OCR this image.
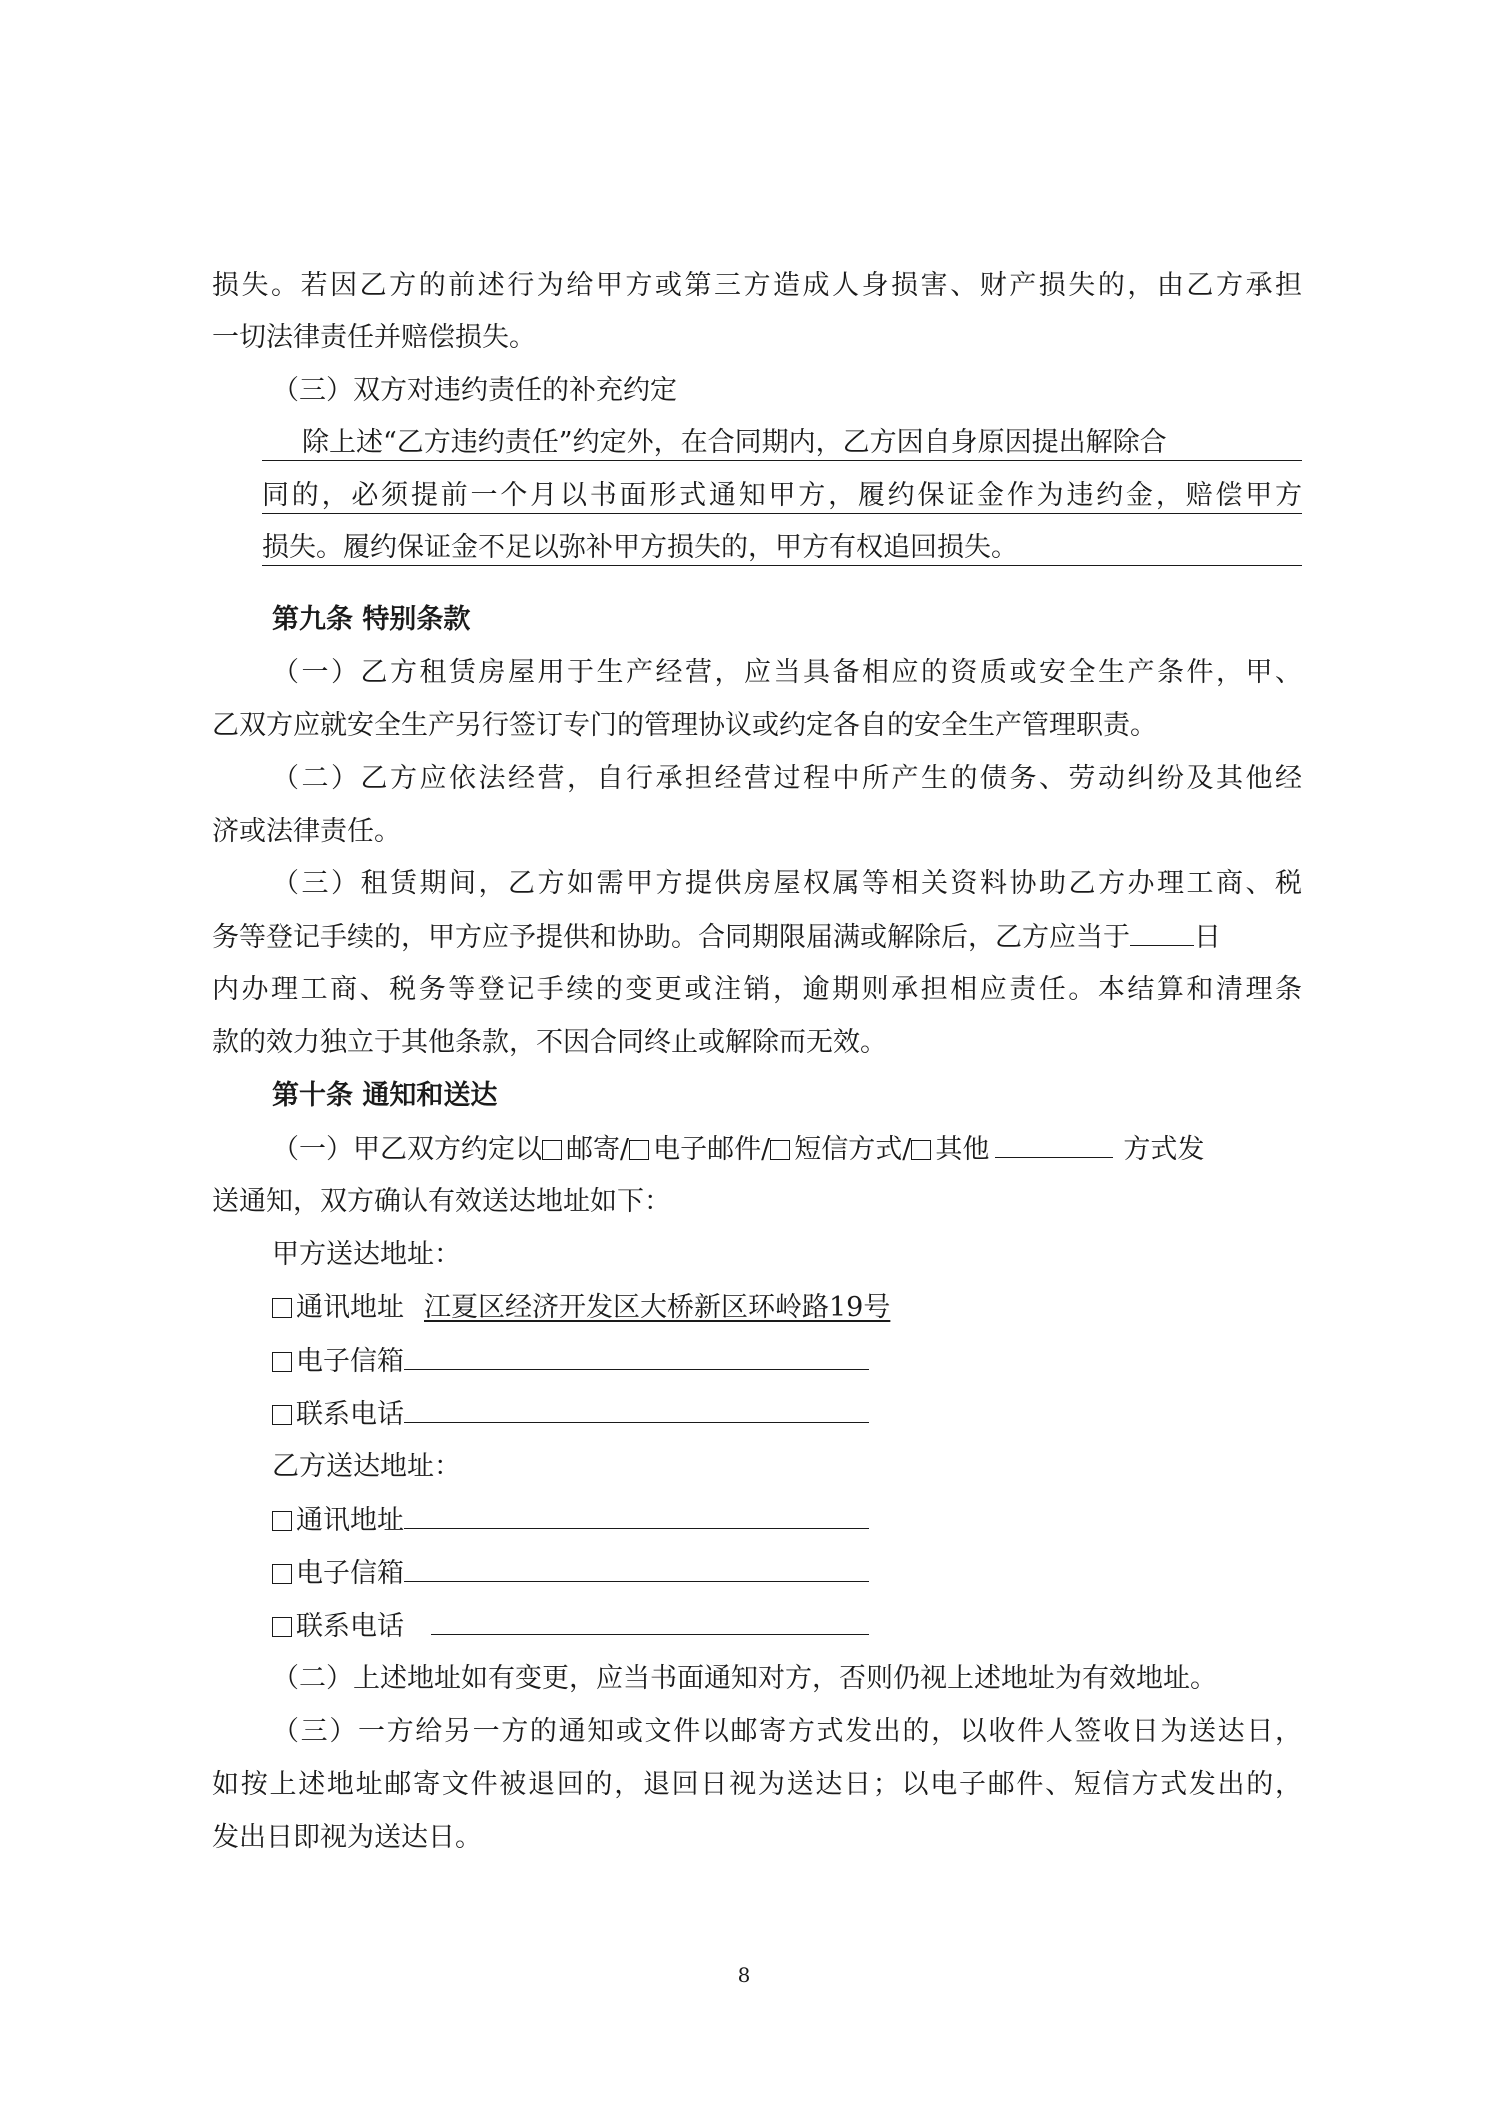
损失。若因乙方的前述行为给甲方或第三方造成人身损害、财产损失的，由乙方承担
一切法律责任并赔偿损失。
（三）双方对违约责任的补充约定
除上述“乙方违约责任”约定外，在合同期内，乙方因自身原因提出解除合
同的，必须提前一个月以书面形式通知甲方，履约保证金作为违约金，赔偿甲方
损失。履约保证金不足以弥补甲方损失的，甲方有权追回损失。
第九条 特别条款
（一）乙方租赁房屋用于生产经营，应当具备相应的资质或安全生产条件，甲、
乙双方应就安全生产另行签订专门的管理协议或约定各自的安全生产管理职责。
（二）乙方应依法经营，自行承担经营过程中所产生的债务、劳动纠纷及其他经
济或法律责任。
（三）租赁期间，乙方如需甲方提供房屋权属等相关资料协助乙方办理工商、税
务等登记手续的，甲方应予提供和协助。合同期限届满或解除后，乙方应当于 日
内办理工商、税务等登记手续的变更或注销，逾期则承担相应责任。本结算和清理条
款的效力独立于其他条款，不因合同终止或解除而无效。
第十条 通知和送达
（一）甲乙双方约定以 邮寄/ 电子邮件/ 短信方式/ 其他	方式发
送通知，双方确认有效送达地址如下：
甲方送达地址：
通讯地址 江夏区经济开发区大桥新区环岭路19号
电子信箱
联系电话
乙方送达地址：
通讯地址
电子信箱
联系电话
（二）上述地址如有变更，应当书面通知对方，否则仍视上述地址为有效地址。
（三）一方给另一方的通知或文件以邮寄方式发出的，以收件人签收日为送达日，
如按上述地址邮寄文件被退回的，退回日视为送达日；以电子邮件、短信方式发出的，
发出日即视为送达日。
8
